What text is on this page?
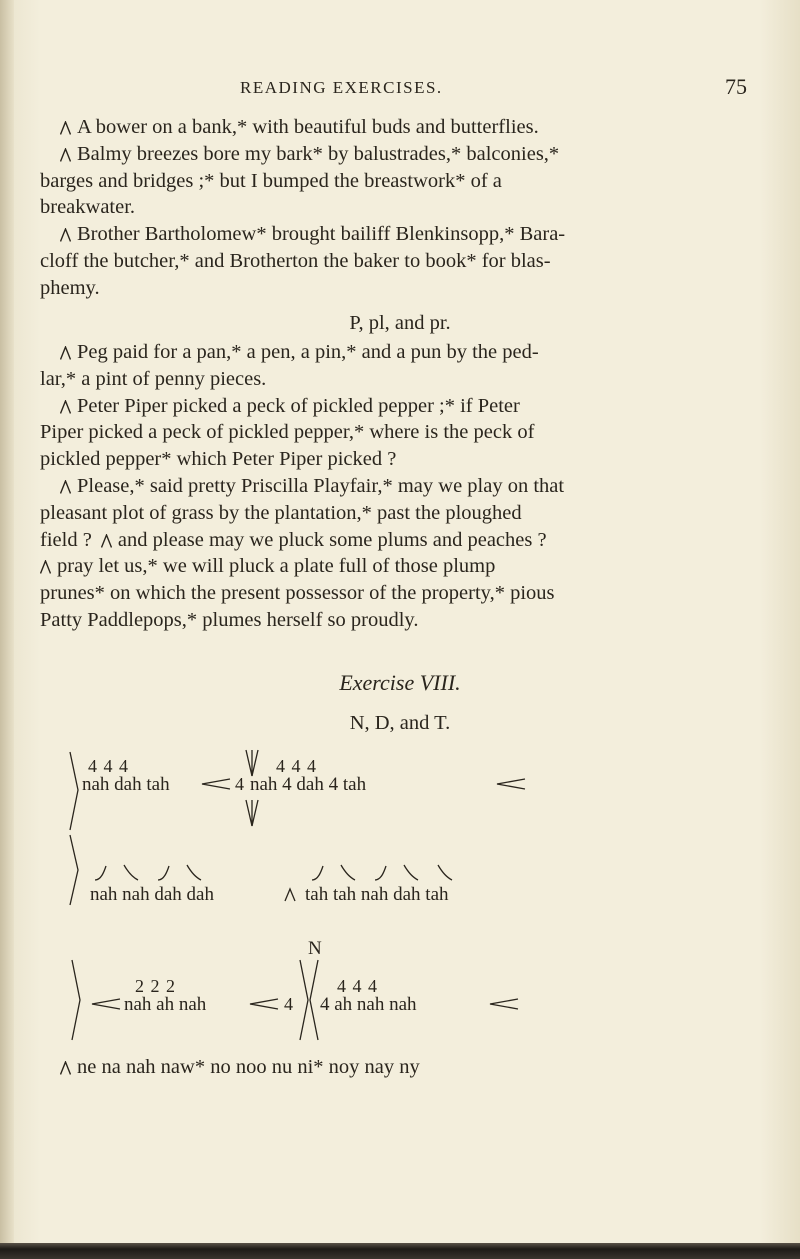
READING EXERCISES.	75

A bower on a bank,* with beautiful buds and butterflies.

Balmy breezes bore my bark* by balustrades,* balconies,*
barges and bridges ;* but I bumped the breastwork* of a
breakwater.

Brother Bartholomew* brought bailiff Blenkinsopp,* Bara-
cloff the butcher,* and Brotherton the baker to book* for blas-
phemy.

P, pl, and pr.

Peg paid for a pan,* a pen, a pin,* and a pun by the ped-
lar,* a pint of penny pieces.

Peter Piper picked a peck of pickled pepper ;* if Peter
Piper picked a peck of pickled pepper,* where is the peck of
pickled pepper* which Peter Piper picked ?

Please,* said pretty Priscilla Playfair,* may we play on that
pleasant plot of grass by the plantation,* past the ploughed
field ? and please may we pluck some plums and peaches ?

pray let us,* we will pluck a plate full of those plump
prunes* on which the present possessor of the property,* pious
Patty Paddlepops,* plumes herself so proudly.

Exercise VIII.
N, D, and T.
4 4 4
nah dah tah	4
4 4 4
nah 4 dah 4 tah
nah nah dah dah	tah tah nah dah tah
N
2 2 2
nah ah nah	4
4 4 4
4 ah nah nah

ne na nah naw* no noo nu ni* noy nay ny
